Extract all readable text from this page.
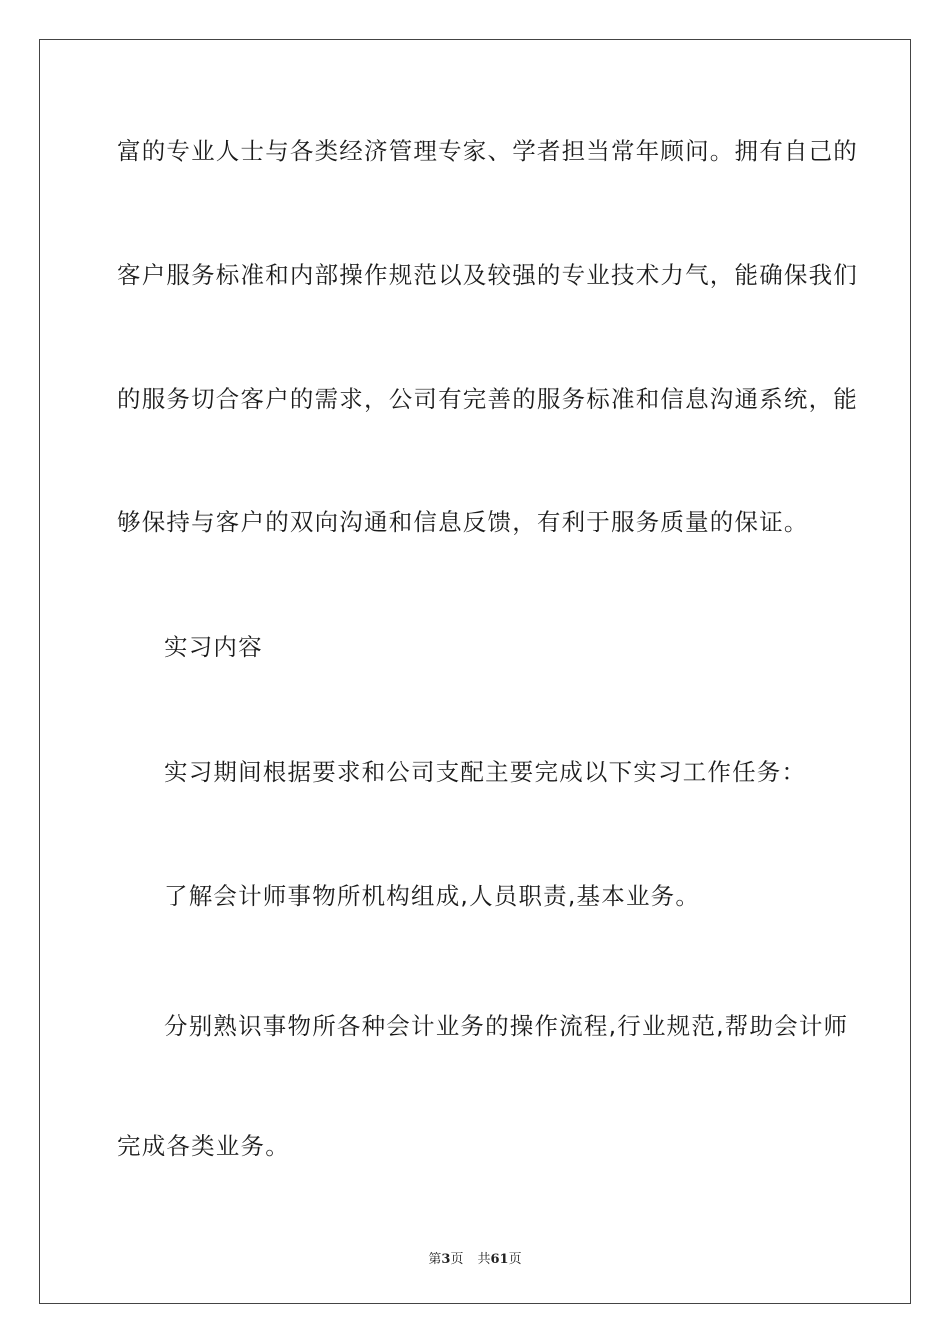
富的专业人士与各类经济管理专家、学者担当常年顾问。拥有自己的
客户服务标准和内部操作规范以及较强的专业技术力气，能确保我们
的服务切合客户的需求，公司有完善的服务标准和信息沟通系统，能
够保持与客户的双向沟通和信息反馈，有利于服务质量的保证。
实习内容
实习期间根据要求和公司支配主要完成以下实习工作任务：
了解会计师事物所机构组成,人员职责,基本业务。
分别熟识事物所各种会计业务的操作流程,行业规范,帮助会计师
完成各类业务。
第3页 共61页
